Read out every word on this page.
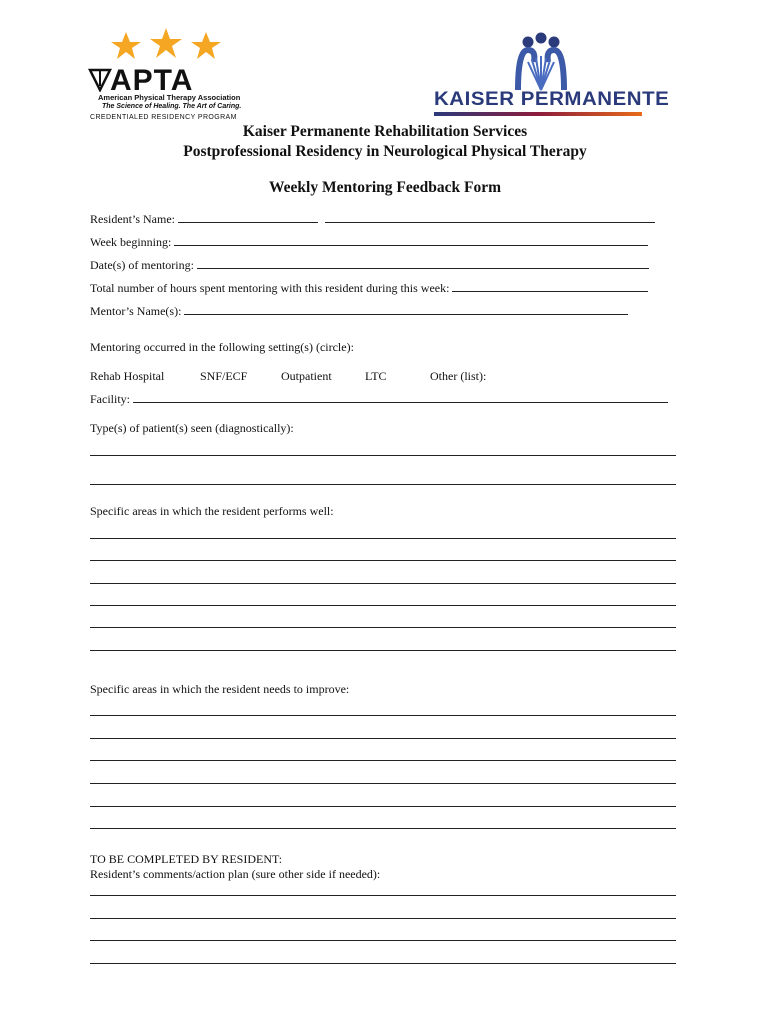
APTA
American Physical Therapy Association
The Science of Healing. The Art of Caring.
CREDENTIALED RESIDENCY PROGRAM
KAISER PERMANENTE
Kaiser Permanente Rehabilitation Services
Postprofessional Residency in Neurological Physical Therapy
Weekly Mentoring Feedback Form
Resident’s Name:
Week beginning:
Date(s) of mentoring:
Total number of hours spent mentoring with this resident during this week:
Mentor’s Name(s):
Mentoring occurred in the following setting(s) (circle):
Rehab Hospital	SNF/ECF	Outpatient	LTC	Other (list):
Facility:
Type(s) of patient(s) seen (diagnostically):
Specific areas in which the resident performs well:
Specific areas in which the resident needs to improve:
TO BE COMPLETED BY RESIDENT:
Resident’s comments/action plan (sure other side if needed):
